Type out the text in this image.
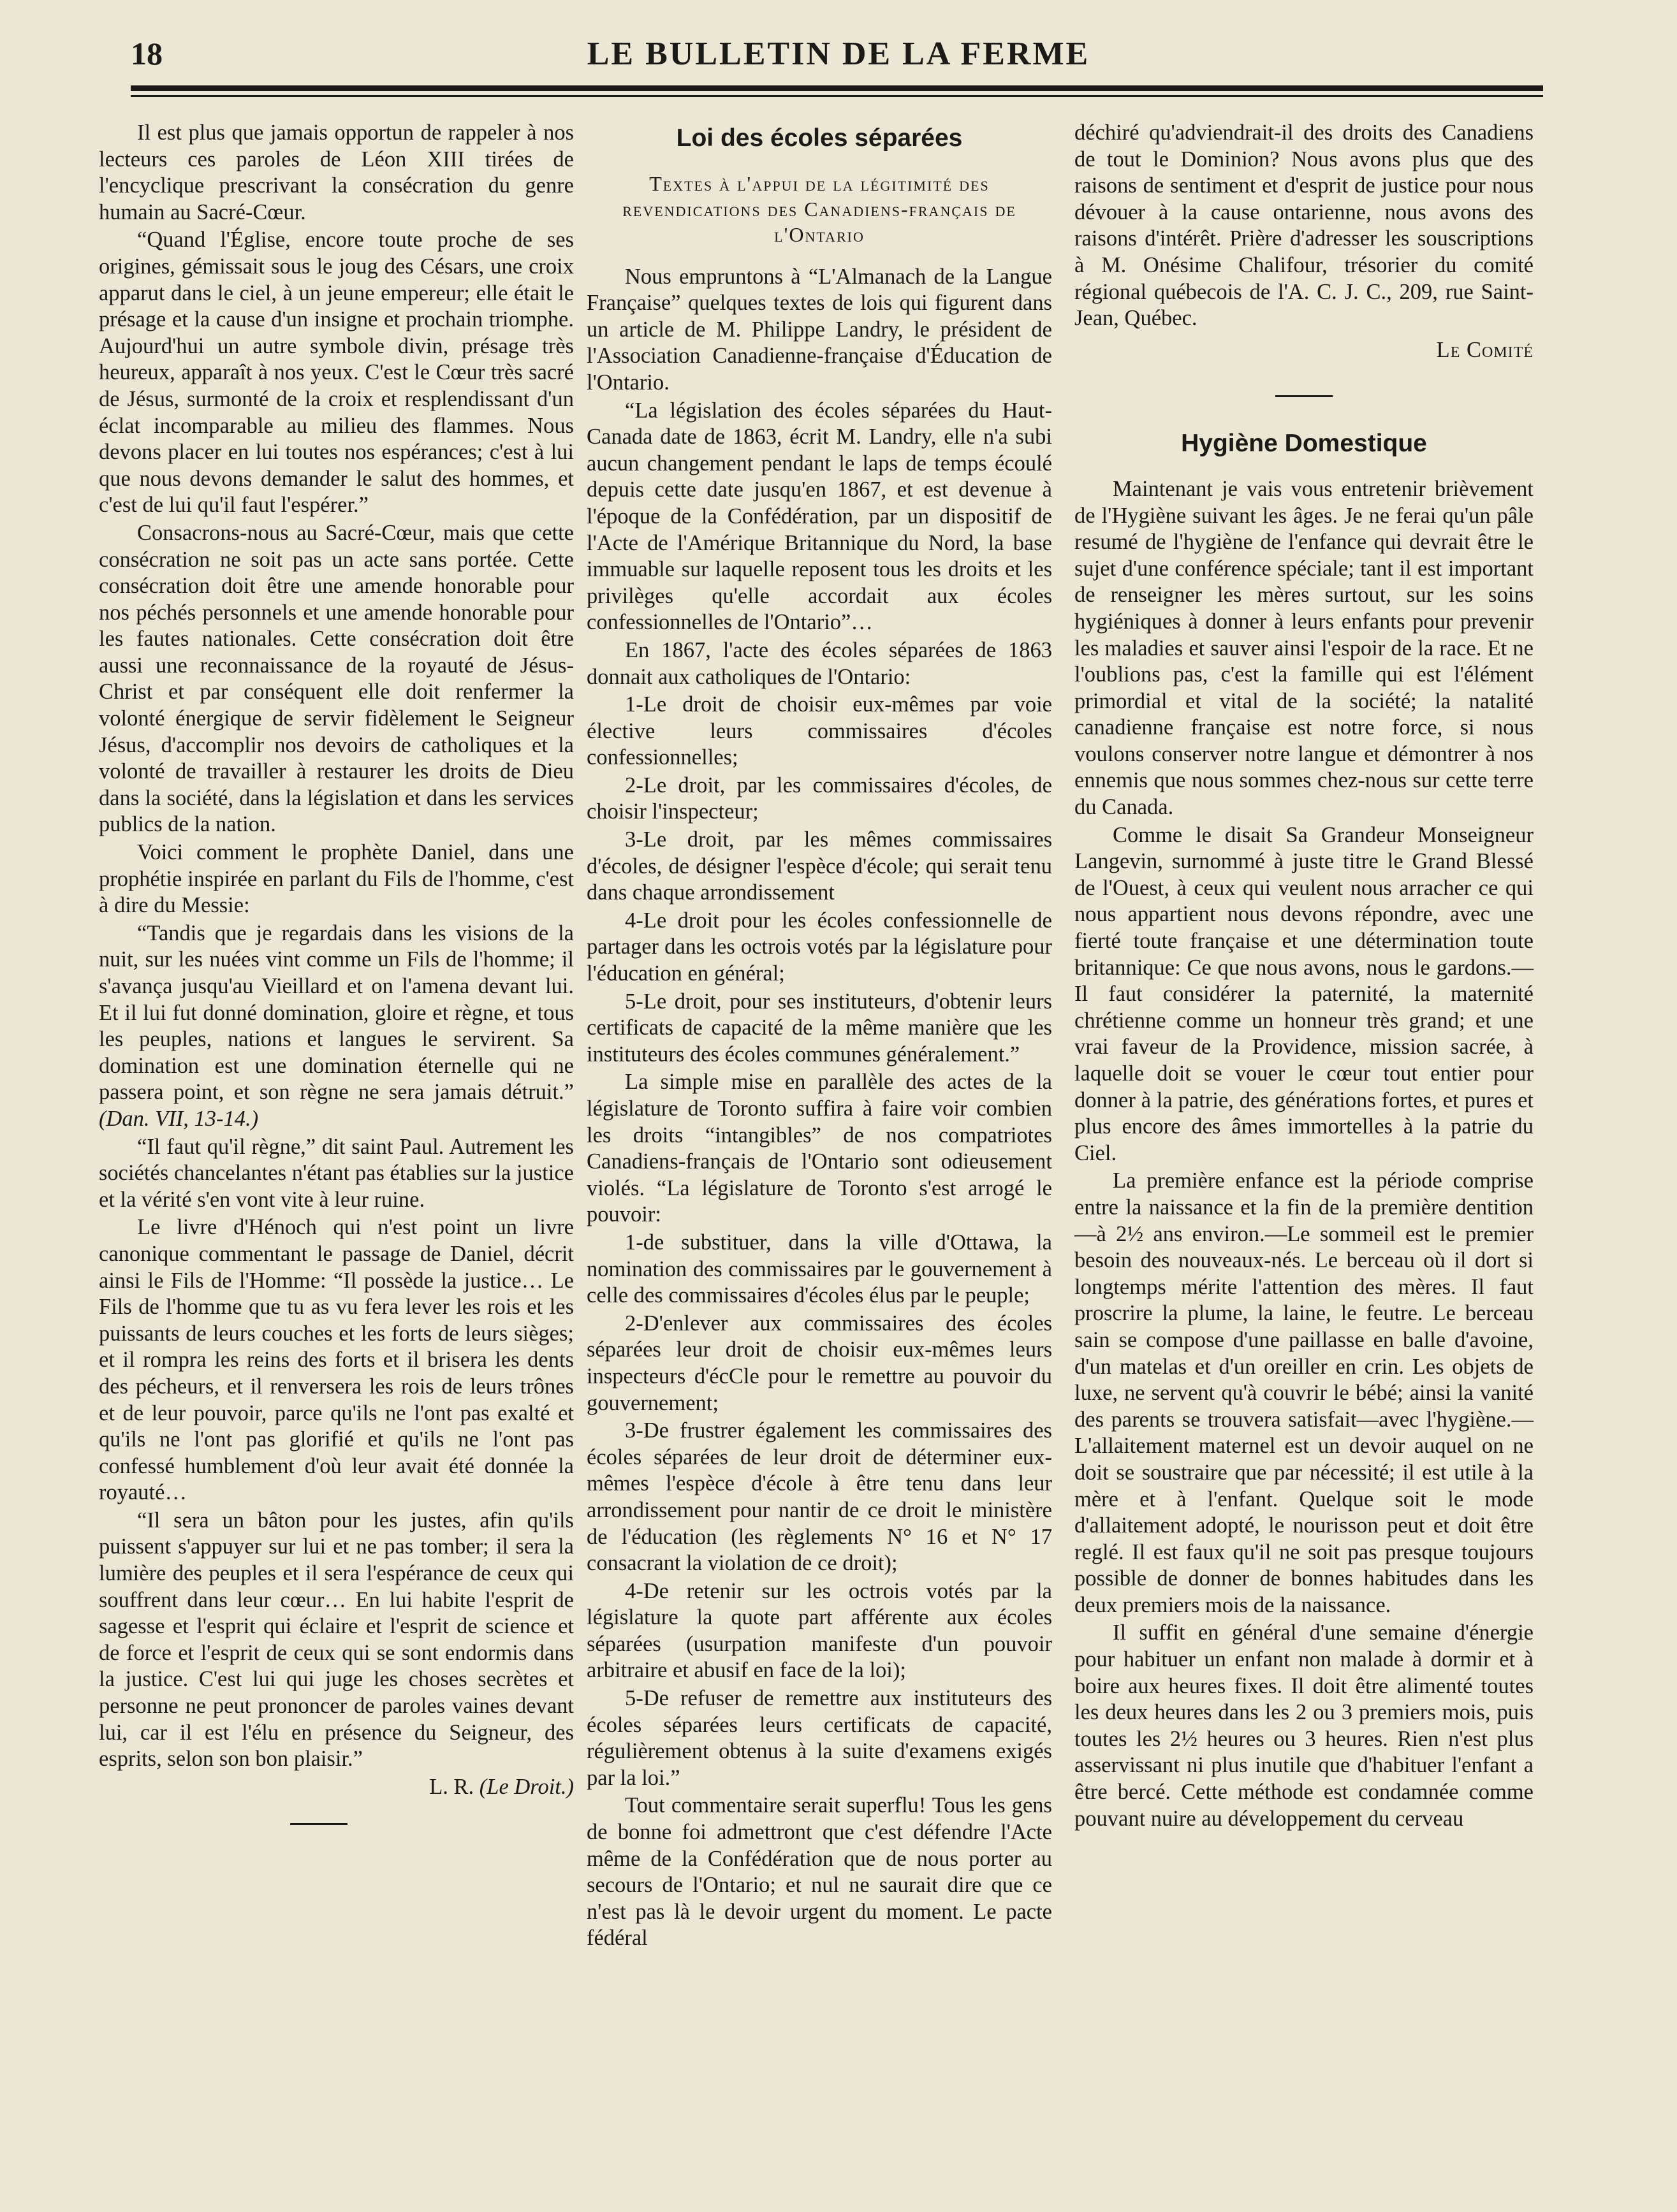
18	LE BULLETIN DE LA FERME

Il est plus que jamais opportun de rappeler à nos lecteurs ces paroles de Léon XIII tirées de l'encyclique prescrivant la consécration du genre humain au Sacré-Cœur.

“Quand l'Église, encore toute proche de ses origines, gémissait sous le joug des Césars, une croix apparut dans le ciel, à un jeune empereur; elle était le présage et la cause d'un insigne et prochain triomphe. Aujourd'hui un autre symbole divin, présage très heureux, apparaît à nos yeux. C'est le Cœur très sacré de Jésus, surmonté de la croix et resplendissant d'un éclat incomparable au milieu des flammes. Nous devons placer en lui toutes nos espérances; c'est à lui que nous devons demander le salut des hommes, et c'est de lui qu'il faut l'espérer.”

Consacrons-nous au Sacré-Cœur, mais que cette consécration ne soit pas un acte sans portée. Cette consécration doit être une amende honorable pour nos péchés personnels et une amende honorable pour les fautes nationales. Cette consécration doit être aussi une reconnaissance de la royauté de Jésus-Christ et par conséquent elle doit renfermer la volonté énergique de servir fidèlement le Seigneur Jésus, d'accomplir nos devoirs de catholiques et la volonté de travailler à restaurer les droits de Dieu dans la société, dans la législation et dans les services publics de la nation.

Voici comment le prophète Daniel, dans une prophétie inspirée en parlant du Fils de l'homme, c'est à dire du Messie:

“Tandis que je regardais dans les visions de la nuit, sur les nuées vint comme un Fils de l'homme; il s'avança jusqu'au Vieillard et on l'amena devant lui. Et il lui fut donné domination, gloire et règne, et tous les peuples, nations et langues le servirent. Sa domination est une domination éternelle qui ne passera point, et son règne ne sera jamais détruit.” (Dan. VII, 13-14.)

“Il faut qu'il règne,” dit saint Paul. Autrement les sociétés chancelantes n'étant pas établies sur la justice et la vérité s'en vont vite à leur ruine.

Le livre d'Hénoch qui n'est point un livre canonique commentant le passage de Daniel, décrit ainsi le Fils de l'Homme: “Il possède la justice… Le Fils de l'homme que tu as vu fera lever les rois et les puissants de leurs couches et les forts de leurs sièges; et il rompra les reins des forts et il brisera les dents des pécheurs, et il renversera les rois de leurs trônes et de leur pouvoir, parce qu'ils ne l'ont pas exalté et qu'ils ne l'ont pas glorifié et qu'ils ne l'ont pas confessé humblement d'où leur avait été donnée la royauté…

“Il sera un bâton pour les justes, afin qu'ils puissent s'appuyer sur lui et ne pas tomber; il sera la lumière des peuples et il sera l'espérance de ceux qui souffrent dans leur cœur… En lui habite l'esprit de sagesse et l'esprit qui éclaire et l'esprit de science et de force et l'esprit de ceux qui se sont endormis dans la justice. C'est lui qui juge les choses secrètes et personne ne peut prononcer de paroles vaines devant lui, car il est l'élu en présence du Seigneur, des esprits, selon son bon plaisir.”

L. R. (Le Droit.)

Loi des écoles séparées
Textes à l'appui de la légitimité des revendications des Canadiens-français de l'Ontario

Nous empruntons à “L'Almanach de la Langue Française” quelques textes de lois qui figurent dans un article de M. Philippe Landry, le président de l'Association Canadienne-française d'Éducation de l'Ontario.

“La législation des écoles séparées du Haut-Canada date de 1863, écrit M. Landry, elle n'a subi aucun changement pendant le laps de temps écoulé depuis cette date jusqu'en 1867, et est devenue à l'époque de la Confédération, par un dispositif de l'Acte de l'Amérique Britannique du Nord, la base immuable sur laquelle reposent tous les droits et les privilèges qu'elle accordait aux écoles confessionnelles de l'Ontario”…

En 1867, l'acte des écoles séparées de 1863 donnait aux catholiques de l'Ontario:

1-Le droit de choisir eux-mêmes par voie élective leurs commissaires d'écoles confessionnelles;

2-Le droit, par les commissaires d'écoles, de choisir l'inspecteur;

3-Le droit, par les mêmes commissaires d'écoles, de désigner l'espèce d'école; qui serait tenu dans chaque arrondissement

4-Le droit pour les écoles confessionnelle de partager dans les octrois votés par la législature pour l'éducation en général;

5-Le droit, pour ses instituteurs, d'obtenir leurs certificats de capacité de la même manière que les instituteurs des écoles communes généralement.”

La simple mise en parallèle des actes de la législature de Toronto suffira à faire voir combien les droits “intangibles” de nos compatriotes Canadiens-français de l'Ontario sont odieusement violés. “La législature de Toronto s'est arrogé le pouvoir:

1-de substituer, dans la ville d'Ottawa, la nomination des commissaires par le gouvernement à celle des commissaires d'écoles élus par le peuple;

2-D'enlever aux commissaires des écoles séparées leur droit de choisir eux-mêmes leurs inspecteurs d'écCle pour le remettre au pouvoir du gouvernement;

3-De frustrer également les commissaires des écoles séparées de leur droit de déterminer eux-mêmes l'espèce d'école à être tenu dans leur arrondissement pour nantir de ce droit le ministère de l'éducation (les règlements N° 16 et N° 17 consacrant la violation de ce droit);

4-De retenir sur les octrois votés par la législature la quote part afférente aux écoles séparées (usurpation manifeste d'un pouvoir arbitraire et abusif en face de la loi);

5-De refuser de remettre aux instituteurs des écoles séparées leurs certificats de capacité, régulièrement obtenus à la suite d'examens exigés par la loi.”

Tout commentaire serait superflu! Tous les gens de bonne foi admettront que c'est défendre l'Acte même de la Confédération que de nous porter au secours de l'Ontario; et nul ne saurait dire que ce n'est pas là le devoir urgent du moment. Le pacte fédéral

déchiré qu'adviendrait-il des droits des Canadiens de tout le Dominion? Nous avons plus que des raisons de sentiment et d'esprit de justice pour nous dévouer à la cause ontarienne, nous avons des raisons d'intérêt. Prière d'adresser les souscriptions à M. Onésime Chalifour, trésorier du comité régional québecois de l'A. C. J. C., 209, rue Saint-Jean, Québec.

Le Comité
Hygiène Domestique

Maintenant je vais vous entretenir brièvement de l'Hygiène suivant les âges. Je ne ferai qu'un pâle resumé de l'hygiène de l'enfance qui devrait être le sujet d'une conférence spéciale; tant il est important de renseigner les mères surtout, sur les soins hygiéniques à donner à leurs enfants pour prevenir les maladies et sauver ainsi l'espoir de la race. Et ne l'oublions pas, c'est la famille qui est l'élément primordial et vital de la société; la natalité canadienne française est notre force, si nous voulons conserver notre langue et démontrer à nos ennemis que nous sommes chez-nous sur cette terre du Canada.

Comme le disait Sa Grandeur Monseigneur Langevin, surnommé à juste titre le Grand Blessé de l'Ouest, à ceux qui veulent nous arracher ce qui nous appartient nous devons répondre, avec une fierté toute française et une détermination toute britannique: Ce que nous avons, nous le gardons.—Il faut considérer la paternité, la maternité chrétienne comme un honneur très grand; et une vrai faveur de la Providence, mission sacrée, à laquelle doit se vouer le cœur tout entier pour donner à la patrie, des générations fortes, et pures et plus encore des âmes immortelles à la patrie du Ciel.

La première enfance est la période comprise entre la naissance et la fin de la première dentition—à 2½ ans environ.—Le sommeil est le premier besoin des nouveaux-nés. Le berceau où il dort si longtemps mérite l'attention des mères. Il faut proscrire la plume, la laine, le feutre. Le berceau sain se compose d'une paillasse en balle d'avoine, d'un matelas et d'un oreiller en crin. Les objets de luxe, ne servent qu'à couvrir le bébé; ainsi la vanité des parents se trouvera satisfait—avec l'hygiène.—L'allaitement maternel est un devoir auquel on ne doit se soustraire que par nécessité; il est utile à la mère et à l'enfant. Quelque soit le mode d'allaitement adopté, le nourisson peut et doit être reglé. Il est faux qu'il ne soit pas presque toujours possible de donner de bonnes habitudes dans les deux premiers mois de la naissance.

Il suffit en général d'une semaine d'énergie pour habituer un enfant non malade à dormir et à boire aux heures fixes. Il doit être alimenté toutes les deux heures dans les 2 ou 3 premiers mois, puis toutes les 2½ heures ou 3 heures. Rien n'est plus asservissant ni plus inutile que d'habituer l'enfant a être bercé. Cette méthode est condamnée comme pouvant nuire au développement du cerveau
